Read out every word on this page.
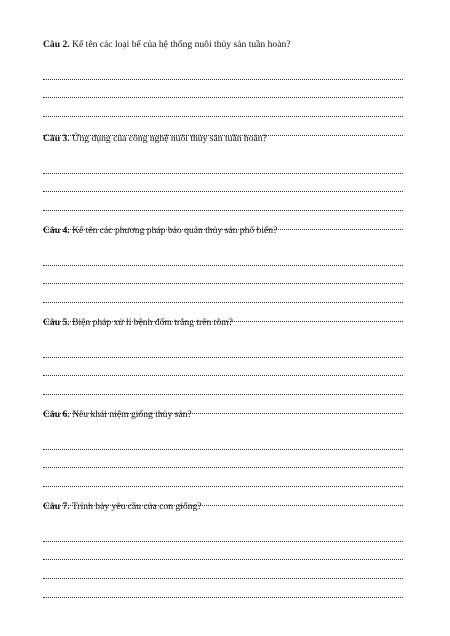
Câu 2. Kể tên các loại bể của hệ thống nuôi thủy sản tuần hoàn?
Câu 3. Ứng dụng của công nghệ nuôi thủy sản tuần hoàn?
Câu 4. Kể tên các phương pháp bảo quản thủy sản phổ biến?
Câu 5. Biện pháp xử lí bệnh đốm trắng trên tôm?
Câu 6. Nêu khái niệm giống thủy sản?
Câu 7. Trình bày yêu cầu của con giống?
